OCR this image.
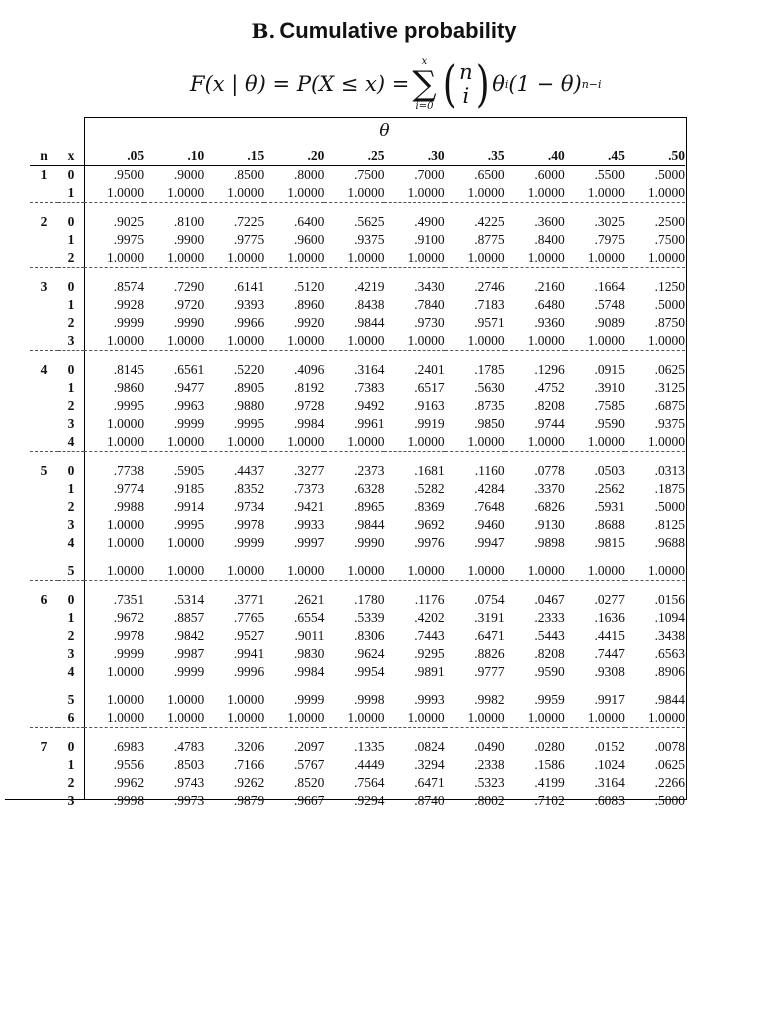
B. Cumulative probability
F(x | θ) = P(X ≤ x) =
x
∑
i=0 ( n
i ) θ i (1 − θ) n−i
θ
n	x	.05	.10	.15	.20	.25	.30	.35	.40	.45	.50
1	0	.9500	.9000	.8500	.8000	.7500	.7000	.6500	.6000	.5500	.5000
	1	1.0000	1.0000	1.0000	1.0000	1.0000	1.0000	1.0000	1.0000	1.0000	1.0000

2	0	.9025	.8100	.7225	.6400	.5625	.4900	.4225	.3600	.3025	.2500
	1	.9975	.9900	.9775	.9600	.9375	.9100	.8775	.8400	.7975	.7500
	2	1.0000	1.0000	1.0000	1.0000	1.0000	1.0000	1.0000	1.0000	1.0000	1.0000

3	0	.8574	.7290	.6141	.5120	.4219	.3430	.2746	.2160	.1664	.1250
	1	.9928	.9720	.9393	.8960	.8438	.7840	.7183	.6480	.5748	.5000
	2	.9999	.9990	.9966	.9920	.9844	.9730	.9571	.9360	.9089	.8750
	3	1.0000	1.0000	1.0000	1.0000	1.0000	1.0000	1.0000	1.0000	1.0000	1.0000

4	0	.8145	.6561	.5220	.4096	.3164	.2401	.1785	.1296	.0915	.0625
	1	.9860	.9477	.8905	.8192	.7383	.6517	.5630	.4752	.3910	.3125
	2	.9995	.9963	.9880	.9728	.9492	.9163	.8735	.8208	.7585	.6875
	3	1.0000	.9999	.9995	.9984	.9961	.9919	.9850	.9744	.9590	.9375
	4	1.0000	1.0000	1.0000	1.0000	1.0000	1.0000	1.0000	1.0000	1.0000	1.0000

5	0	.7738	.5905	.4437	.3277	.2373	.1681	.1160	.0778	.0503	.0313
	1	.9774	.9185	.8352	.7373	.6328	.5282	.4284	.3370	.2562	.1875
	2	.9988	.9914	.9734	.9421	.8965	.8369	.7648	.6826	.5931	.5000
	3	1.0000	.9995	.9978	.9933	.9844	.9692	.9460	.9130	.8688	.8125
	4	1.0000	1.0000	.9999	.9997	.9990	.9976	.9947	.9898	.9815	.9688

	5	1.0000	1.0000	1.0000	1.0000	1.0000	1.0000	1.0000	1.0000	1.0000	1.0000

6	0	.7351	.5314	.3771	.2621	.1780	.1176	.0754	.0467	.0277	.0156
	1	.9672	.8857	.7765	.6554	.5339	.4202	.3191	.2333	.1636	.1094
	2	.9978	.9842	.9527	.9011	.8306	.7443	.6471	.5443	.4415	.3438
	3	.9999	.9987	.9941	.9830	.9624	.9295	.8826	.8208	.7447	.6563
	4	1.0000	.9999	.9996	.9984	.9954	.9891	.9777	.9590	.9308	.8906

	5	1.0000	1.0000	1.0000	.9999	.9998	.9993	.9982	.9959	.9917	.9844
	6	1.0000	1.0000	1.0000	1.0000	1.0000	1.0000	1.0000	1.0000	1.0000	1.0000

7	0	.6983	.4783	.3206	.2097	.1335	.0824	.0490	.0280	.0152	.0078
	1	.9556	.8503	.7166	.5767	.4449	.3294	.2338	.1586	.1024	.0625
	2	.9962	.9743	.9262	.8520	.7564	.6471	.5323	.4199	.3164	.2266
	3	.9998	.9973	.9879	.9667	.9294	.8740	.8002	.7102	.6083	.5000
